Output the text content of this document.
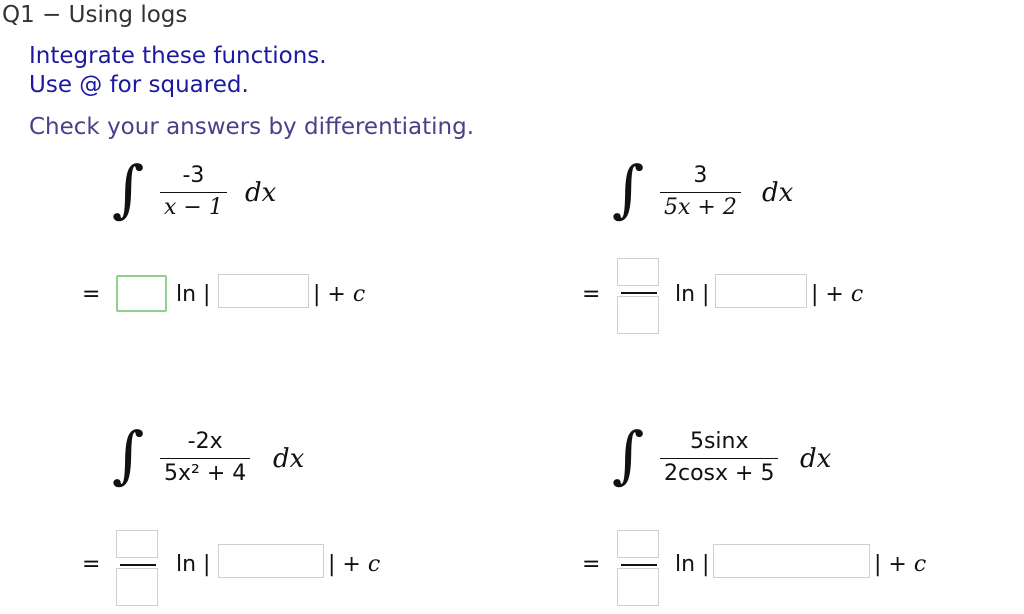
Q1 − Using logs
Integrate these functions.
Use @ for squared.
Check your answers by differentiating.
∫ -3
x − 1 dx
=	ln |	| + c
∫ 3
5x + 2 dx
=	ln |	| + c
∫ -2x
5x² + 4 dx
=	ln |	| + c
∫ 5sinx
2cosx + 5 dx
=	ln |	| + c
